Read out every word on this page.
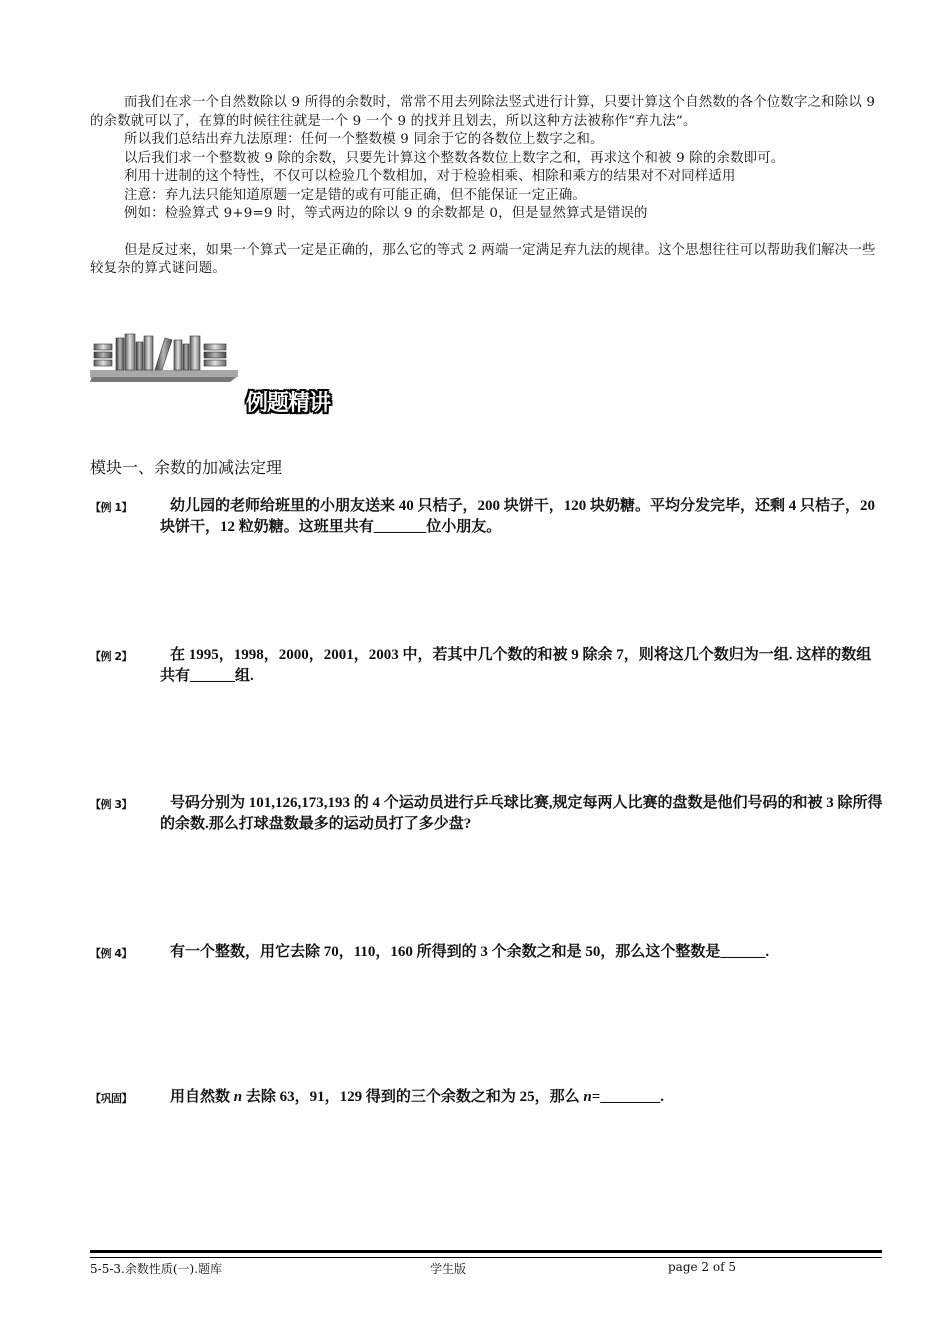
而我们在求一个自然数除以 9 所得的余数时，常常不用去列除法竖式进行计算，只要计算这个自然数的各个位数字之和除以 9 的余数就可以了，在算的时候往往就是一个 9 一个 9 的找并且划去，所以这种方法被称作“弃九法”。

所以我们总结出弃九法原理：任何一个整数模 9 同余于它的各数位上数字之和。

以后我们求一个整数被 9 除的余数，只要先计算这个整数各数位上数字之和，再求这个和被 9 除的余数即可。

利用十进制的这个特性，不仅可以检验几个数相加，对于检验相乘、相除和乘方的结果对不对同样适用

注意：弃九法只能知道原题一定是错的或有可能正确，但不能保证一定正确。

例如：检验算式 9+9=9 时，等式两边的除以 9 的余数都是 0，但是显然算式是错误的

但是反过来，如果一个算式一定是正确的，那么它的等式 2 两端一定满足弃九法的规律。这个思想往往可以帮助我们解决一些较复杂的算式谜问题。

例题精讲
模块一、余数的加减法定理
【例 1】	幼儿园的老师给班里的小朋友送来 40 只桔子，200 块饼干，120 块奶糖。平均分发完毕，还剩 4 只桔子，20 块饼干，12 粒奶糖。这班里共有_______位小朋友。
【例 2】	在 1995，1998，2000，2001，2003 中，若其中几个数的和被 9 除余 7，则将这几个数归为一组. 这样的数组共有______组.
【例 3】	号码分别为 101,126,173,193 的 4 个运动员进行乒乓球比赛,规定每两人比赛的盘数是他们号码的和被 3 除所得的余数.那么打球盘数最多的运动员打了多少盘?
【例 4】	有一个整数，用它去除 70，110，160 所得到的 3 个余数之和是 50，那么这个整数是______.
【巩固】	用自然数 n 去除 63，91，129 得到的三个余数之和为 25，那么 n=________.
5-5-3.余数性质(一).题库	学生版	page 2 of 5
